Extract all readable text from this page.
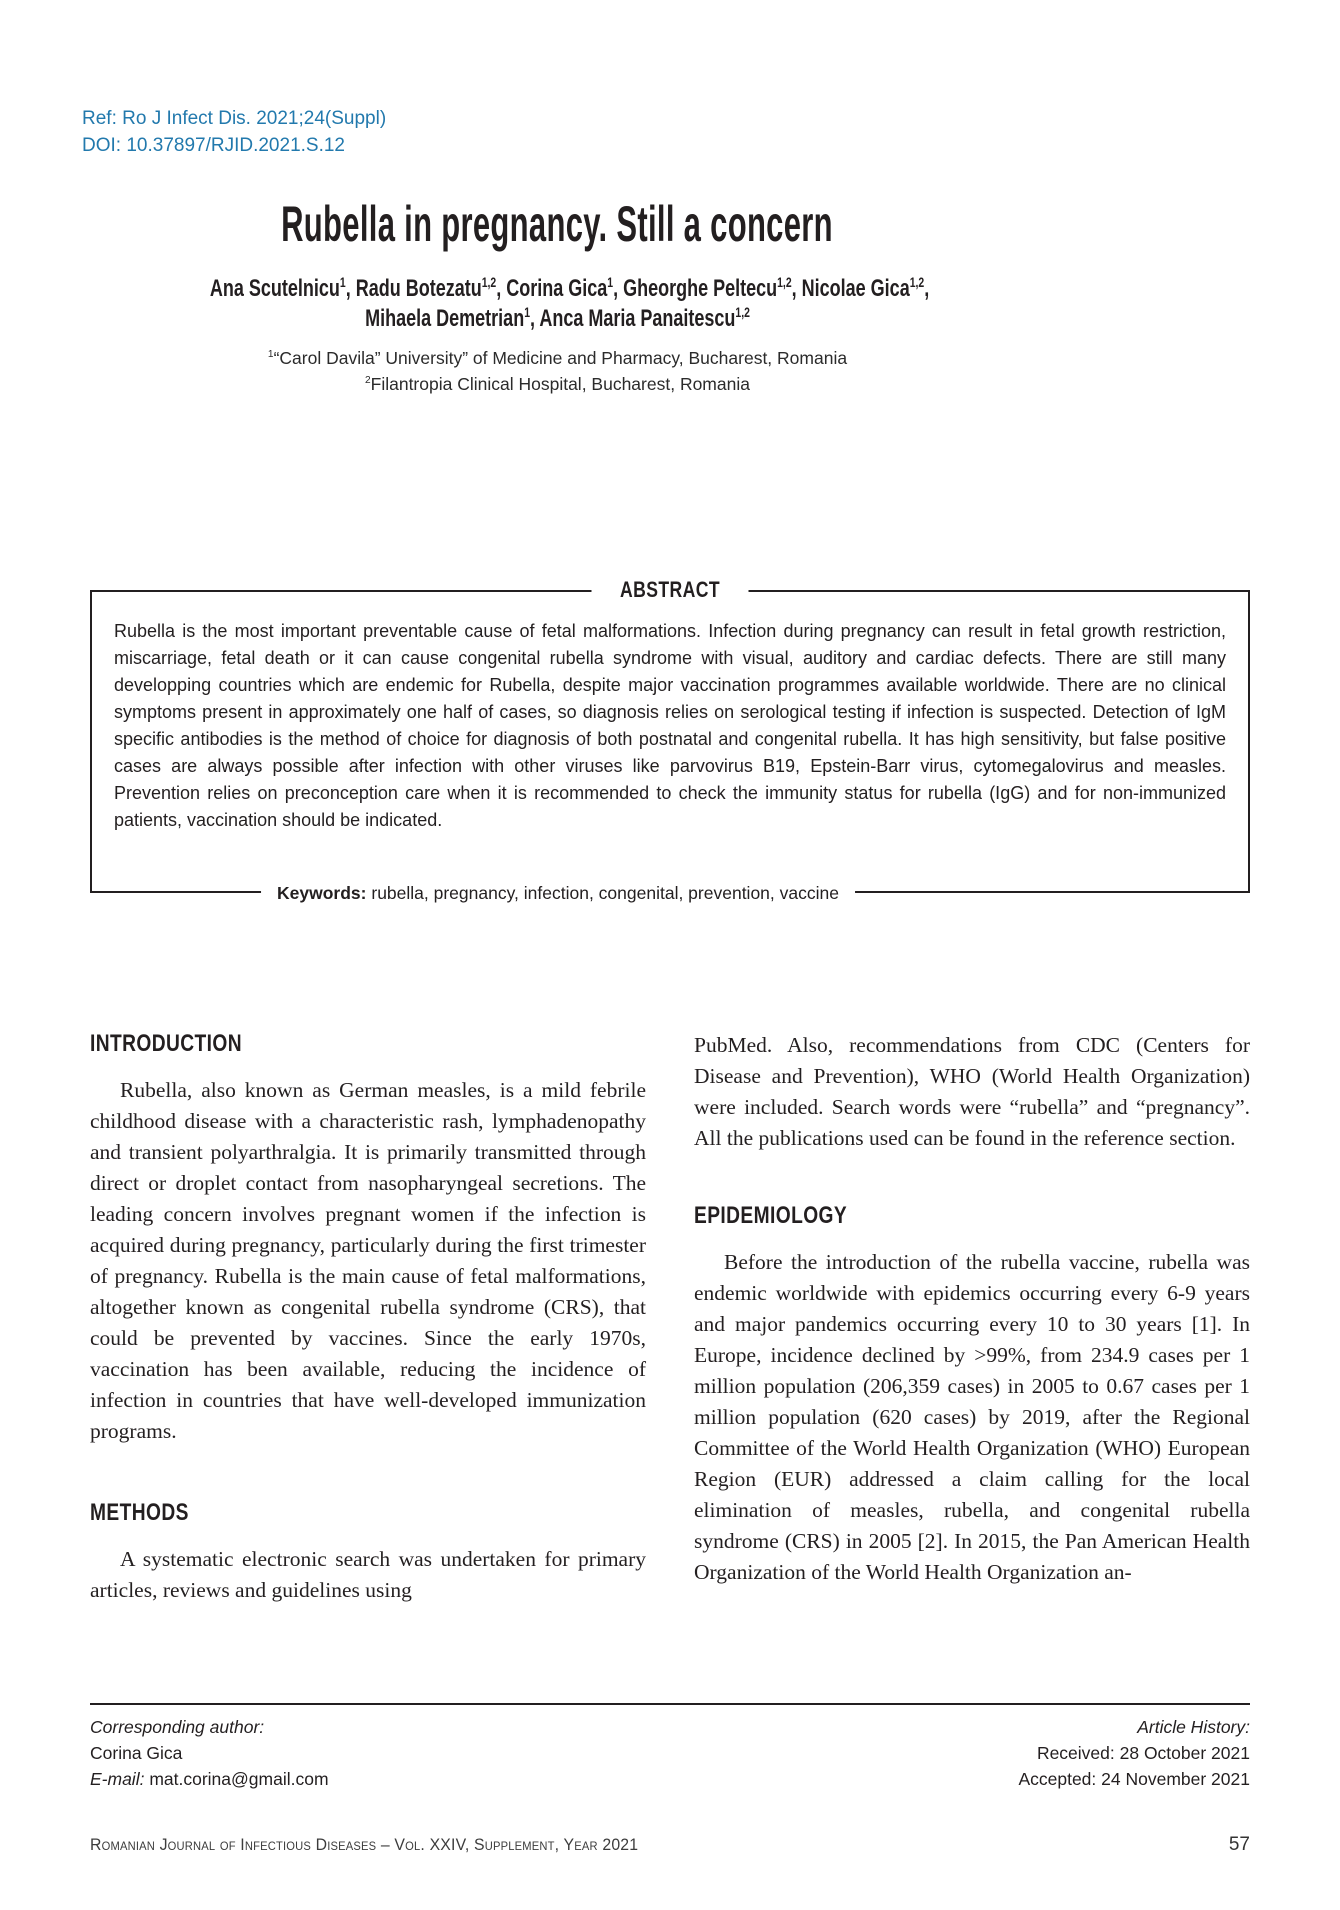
Ref: Ro J Infect Dis. 2021;24(Suppl)
DOI: 10.37897/RJID.2021.S.12
Rubella in pregnancy. Still a concern
Ana Scutelnicu$^1$, Radu Botezatu$^{1,2}$, Corina Gica$^1$, Gheorghe Peltecu$^{1,2}$, Nicolae Gica$^{1,2}$,
Mihaela Demetrian$^1$, Anca Maria Panaitescu$^{1,2}$
$^1$“Carol Davila” University” of Medicine and Pharmacy, Bucharest, Romania
$^2$Filantropia Clinical Hospital, Bucharest, Romania
ABSTRACT
Rubella is the most important preventable cause of fetal malformations. Infection during pregnancy can result in fetal growth restriction, miscarriage, fetal death or it can cause congenital rubella syndrome with visual, auditory and cardiac defects. There are still many developping countries which are endemic for Rubella, despite major vaccination programmes available worldwide. There are no clinical symptoms present in approximately one half of cases, so diagnosis relies on serological testing if infection is suspected. Detection of IgM specific antibodies is the method of choice for diagnosis of both postnatal and congenital rubella. It has high sensitivity, but false positive cases are always possible after infection with other viruses like parvovirus B19, Epstein-Barr virus, cytomegalovirus and measles. Prevention relies on preconception care when it is recommended to check the immunity status for rubella (IgG) and for non-immunized patients, vaccination should be indicated.
Keywords: rubella, pregnancy, infection, congenital, prevention, vaccine
INTRODUCTION

Rubella, also known as German measles, is a mild febrile childhood disease with a characteristic rash, lymphadenopathy and transient polyarthralgia. It is primarily transmitted through direct or droplet contact from nasopharyngeal secretions. The leading concern involves pregnant women if the infection is acquired during pregnancy, particularly during the first trimester of pregnancy. Rubella is the main cause of fetal malformations, altogether known as congenital rubella syndrome (CRS), that could be prevented by vaccines. Since the early 1970s, vaccination has been available, reducing the incidence of infection in countries that have well-developed immunization programs.

METHODS

A systematic electronic search was undertaken for primary articles, reviews and guidelines using

PubMed. Also, recommendations from CDC (Centers for Disease and Prevention), WHO (World Health Organization) were included. Search words were “rubella” and “pregnancy”. All the publications used can be found in the reference section.

EPIDEMIOLOGY

Before the introduction of the rubella vaccine, rubella was endemic worldwide with epidemics occurring every 6-9 years and major pandemics occurring every 10 to 30 years [1]. In Europe, incidence declined by >99%, from 234.9 cases per 1 million population (206,359 cases) in 2005 to 0.67 cases per 1 million population (620 cases) by 2019, after the Regional Committee of the World Health Organization (WHO) European Region (EUR) addressed a claim calling for the local elimination of measles, rubella, and congenital rubella syndrome (CRS) in 2005 [2]. In 2015, the Pan American Health Organization of the World Health Organization an-

Corresponding author:
Corina Gica
E-mail: mat.corina@gmail.com
Article History:
Received: 28 October 2021
Accepted: 24 November 2021
Romanian Journal of Infectious Diseases – Vol. XXIV, Supplement, Year 2021	57
